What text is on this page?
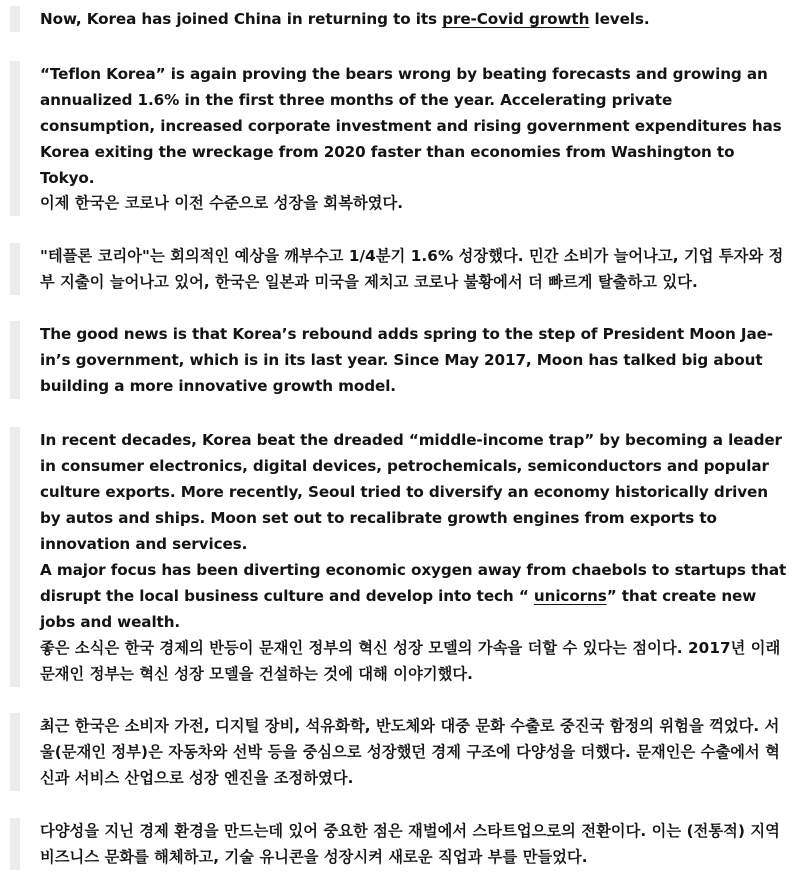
Now, Korea has joined China in returning to its pre-Covid growth levels.
“Teflon Korea” is again proving the bears wrong by beating forecasts and growing an annualized 1.6% in the first three months of the year. Accelerating private consumption, increased corporate investment and rising government expenditures has Korea exiting the wreckage from 2020 faster than economies from Washington to Tokyo.
이제 한국은 코로나 이전 수준으로 성장을 회복하였다.
"테플론 코리아"는 회의적인 예상을 깨부수고 1/4분기 1.6% 성장했다. 민간 소비가 늘어나고, 기업 투자와 정부 지출이 늘어나고 있어, 한국은 일본과 미국을 제치고 코로나 불황에서 더 빠르게 탈출하고 있다.
The good news is that Korea’s rebound adds spring to the step of President Moon Jae-in’s government, which is in its last year. Since May 2017, Moon has talked big about building a more innovative growth model.
In recent decades, Korea beat the dreaded “middle-income trap” by becoming a leader in consumer electronics, digital devices, petrochemicals, semiconductors and popular culture exports. More recently, Seoul tried to diversify an economy historically driven by autos and ships. Moon set out to recalibrate growth engines from exports to innovation and services.
A major focus has been diverting economic oxygen away from chaebols to startups that disrupt the local business culture and develop into tech “ unicorns” that create new jobs and wealth.
좋은 소식은 한국 경제의 반등이 문재인 정부의 혁신 성장 모델의 가속을 더할 수 있다는 점이다. 2017년 이래 문재인 정부는 혁신 성장 모델을 건설하는 것에 대해 이야기했다.
최근 한국은 소비자 가전, 디지털 장비, 석유화학, 반도체와 대중 문화 수출로 중진국 함정의 위험을 꺽었다. 서울(문재인 정부)은 자동차와 선박 등을 중심으로 성장했던 경제 구조에 다양성을 더했다. 문재인은 수출에서 혁신과 서비스 산업으로 성장 엔진을 조정하였다.
다양성을 지닌 경제 환경을 만드는데 있어 중요한 점은 재벌에서 스타트업으로의 전환이다. 이는 (전통적) 지역 비즈니스 문화를 해체하고, 기술 유니콘을 성장시켜 새로운 직업과 부를 만들었다.
